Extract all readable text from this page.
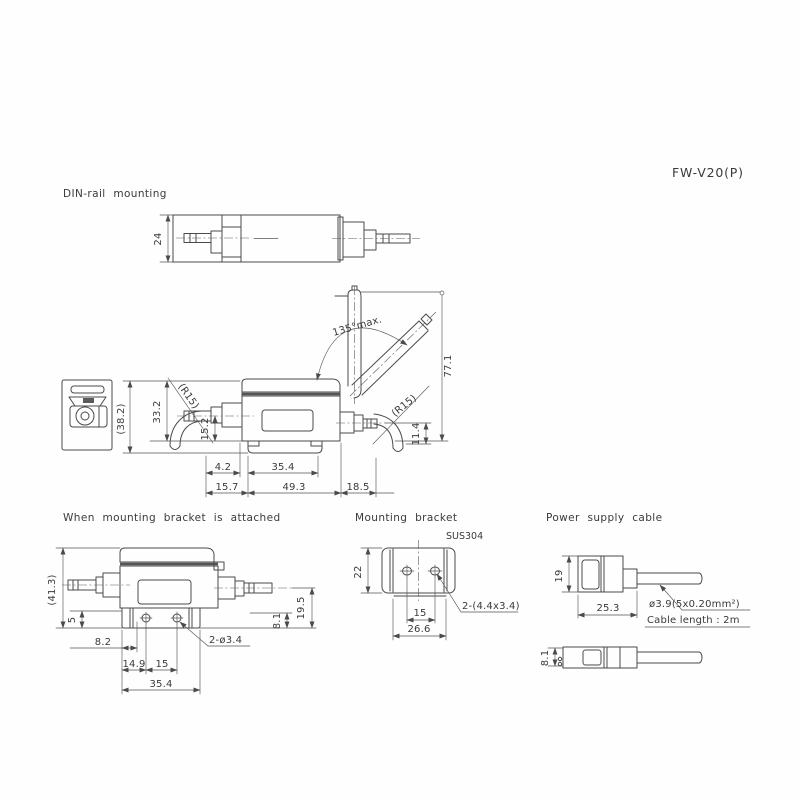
FW-V20(P)
DIN-rail mounting
24
(38.2)	33.2
15.2
(R15)	(R15)
11.4
135°max.
77.1
4.2	35.4
15.7	49.3	18.5
When mounting bracket is attached
(41.3)
5
8.2
14.9 15
35.4
2-ø3.4
8.1
19.5
Mounting bracket
SUS304
22
15
26.6
2-(4.4x3.4)
Power supply cable
19
25.3	ø3.9(5x0.20mm²)
Cable length : 2m
8.1
